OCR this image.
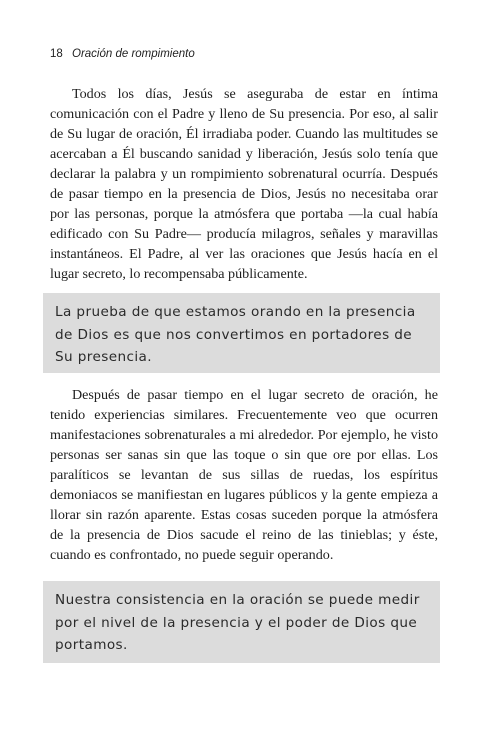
18 Oración de rompimiento

Todos los días, Jesús se aseguraba de estar en íntima comunicación con el Padre y lleno de Su presencia. Por eso, al salir de Su lugar de oración, Él irradiaba poder. Cuando las multitudes se acercaban a Él buscando sanidad y liberación, Jesús solo tenía que declarar la palabra y un rompimiento sobrenatural ocurría. Después de pasar tiempo en la presencia de Dios, Jesús no necesitaba orar por las personas, porque la atmósfera que portaba —la cual había edificado con Su Padre— producía milagros, señales y maravillas instantáneos. El Padre, al ver las oraciones que Jesús hacía en el lugar secreto, lo recompensaba públicamente.

La prueba de que estamos orando en la presencia de Dios es que nos convertimos en portadores de Su presencia.

Después de pasar tiempo en el lugar secreto de oración, he tenido experiencias similares. Frecuentemente veo que ocurren manifestaciones sobrenaturales a mi alrededor. Por ejemplo, he visto personas ser sanas sin que las toque o sin que ore por ellas. Los paralíticos se levantan de sus sillas de ruedas, los espíritus demoniacos se manifiestan en lugares públicos y la gente empieza a llorar sin razón aparente. Estas cosas suceden porque la atmósfera de la presencia de Dios sacude el reino de las tinieblas; y éste, cuando es confrontado, no puede seguir operando.

Nuestra consistencia en la oración se puede medir por el nivel de la presencia y el poder de Dios que portamos.
